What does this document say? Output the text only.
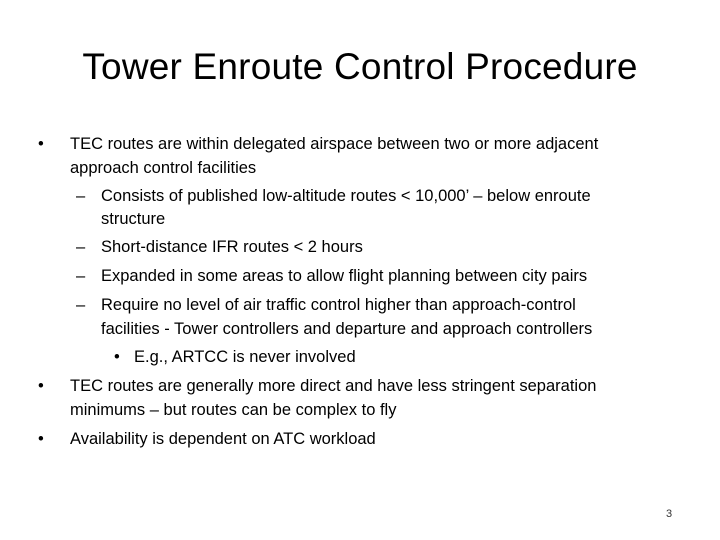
Tower Enroute Control Procedure
• TEC routes are within delegated airspace between two or more adjacent
approach control facilities
– Consists of published low-altitude routes < 10,000’ – below enroute
structure
– Short-distance IFR routes < 2 hours
– Expanded in some areas to allow flight planning between city pairs
– Require no level of air traffic control higher than approach-control
facilities - Tower controllers and departure and approach controllers
• E.g., ARTCC is never involved
• TEC routes are generally more direct and have less stringent separation
minimums – but routes can be complex to fly
• Availability is dependent on ATC workload
3
